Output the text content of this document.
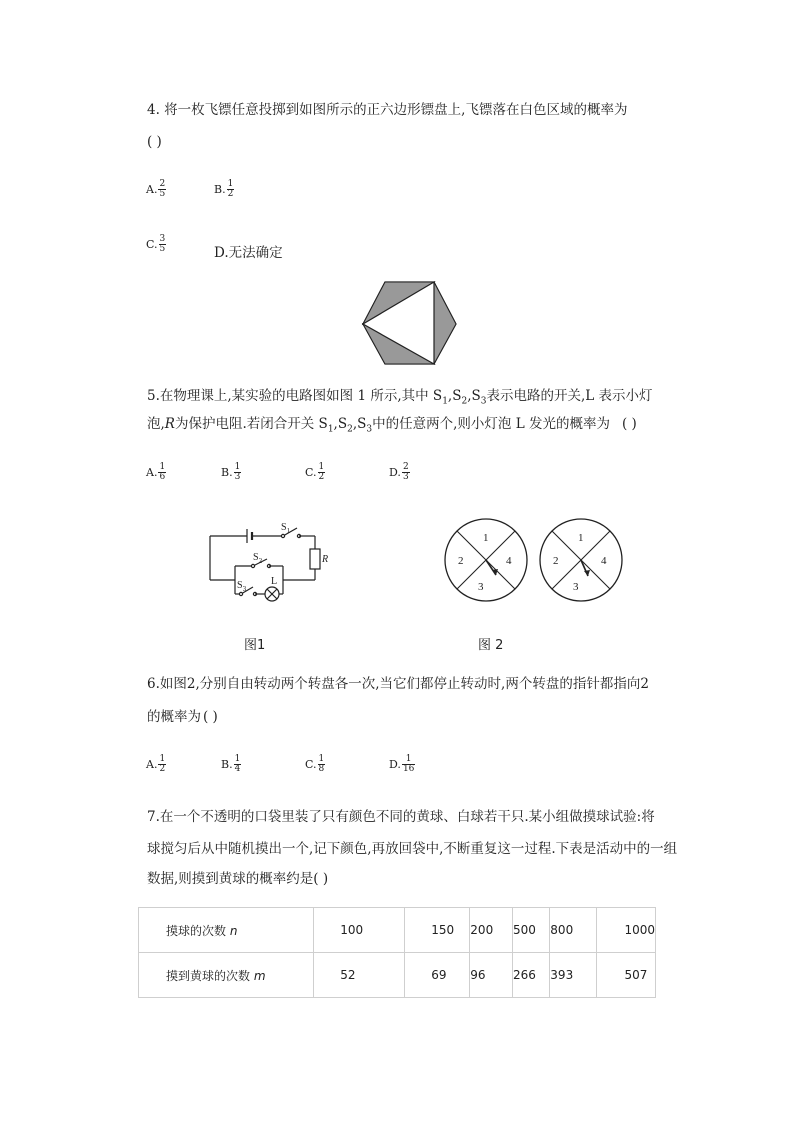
4. 将一枚飞镖任意投掷到如图所示的正六边形镖盘上,飞镖落在白色区域的概率为
( )
A. $\frac{2}{5}$	B. $\frac{1}{2}$
C. $\frac{3}{5}$	D.无法确定
5.在物理课上,某实验的电路图如图 1 所示,其中 $S_1,S_2,S_3$表示电路的开关,L 表示小灯
泡,R为保护电阻.若闭合开关 $S_1,S_2,S_3$中的任意两个,则小灯泡 L 发光的概率为 ( )
A. $\frac{1}{6}$	B. $\frac{1}{3}$	C. $\frac{1}{2}$	D. $\frac{2}{3}$
$S_1$
$S_2$
$S_3$
L
R
1
2
3
4
1
2
3
4
图1	图 2
6.如图2,分别自由转动两个转盘各一次,当它们都停止转动时,两个转盘的指针都指向2
的概率为 ( )
A. $\frac{1}{2}$	B. $\frac{1}{4}$	C. $\frac{1}{8}$	D. $\frac{1}{16}$
7.在一个不透明的口袋里装了只有颜色不同的黄球、白球若干只.某小组做摸球试验:将
球搅匀后从中随机摸出一个,记下颜色,再放回袋中,不断重复这一过程.下表是活动中的一组
数据,则摸到黄球的概率约是( )
摸球的次数 n	100	150	200	500	800	1000
摸到黄球的次数 m	52	69	96	266	393	507
